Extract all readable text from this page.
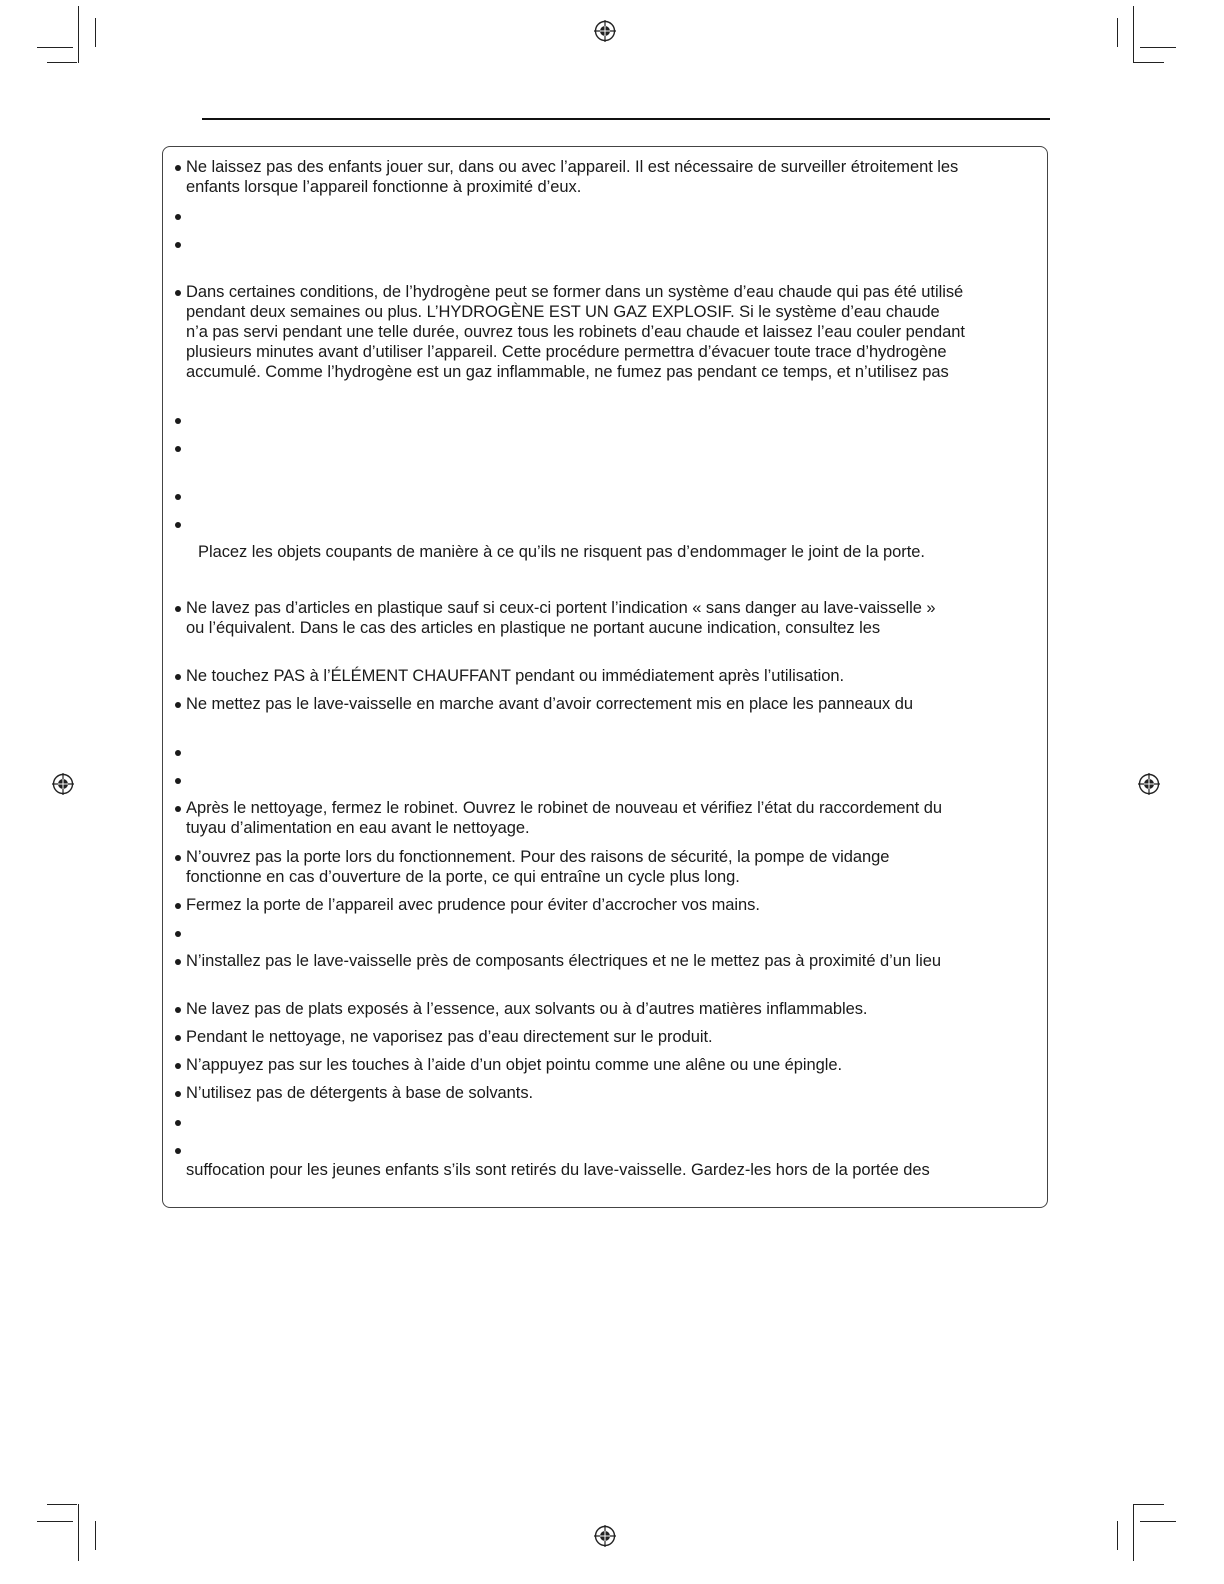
Ne laissez pas des enfants jouer sur, dans ou avec l’appareil. Il est nécessaire de surveiller étroitement les
enfants lorsque l’appareil fonctionne à proximité d’eux.
Dans certaines conditions, de l’hydrogène peut se former dans un système d’eau chaude qui pas été utilisé
pendant deux semaines ou plus. L’HYDROGÈNE EST UN GAZ EXPLOSIF. Si le système d’eau chaude
n’a pas servi pendant une telle durée, ouvrez tous les robinets d’eau chaude et laissez l’eau couler pendant
plusieurs minutes avant d’utiliser l’appareil. Cette procédure permettra d’évacuer toute trace d’hydrogène
accumulé. Comme l’hydrogène est un gaz inflammable, ne fumez pas pendant ce temps, et n’utilisez pas
Placez les objets coupants de manière à ce qu’ils ne risquent pas d’endommager le joint de la porte.
Ne lavez pas d’articles en plastique sauf si ceux-ci portent l’indication « sans danger au lave-vaisselle »
ou l’équivalent. Dans le cas des articles en plastique ne portant aucune indication, consultez les
Ne touchez PAS à l’ÉLÉMENT CHAUFFANT pendant ou immédiatement après l’utilisation.
Ne mettez pas le lave-vaisselle en marche avant d’avoir correctement mis en place les panneaux du
Après le nettoyage, fermez le robinet. Ouvrez le robinet de nouveau et vérifiez l’état du raccordement du
tuyau d’alimentation en eau avant le nettoyage.
N’ouvrez pas la porte lors du fonctionnement. Pour des raisons de sécurité, la pompe de vidange
fonctionne en cas d’ouverture de la porte, ce qui entraîne un cycle plus long.
Fermez la porte de l’appareil avec prudence pour éviter d’accrocher vos mains.
N’installez pas le lave-vaisselle près de composants électriques et ne le mettez pas à proximité d’un lieu
Ne lavez pas de plats exposés à l’essence, aux solvants ou à d’autres matières inflammables.
Pendant le nettoyage, ne vaporisez pas d’eau directement sur le produit.
N’appuyez pas sur les touches à l’aide d’un objet pointu comme une alêne ou une épingle.
N’utilisez pas de détergents à base de solvants.
suffocation pour les jeunes enfants s’ils sont retirés du lave-vaisselle. Gardez-les hors de la portée des
